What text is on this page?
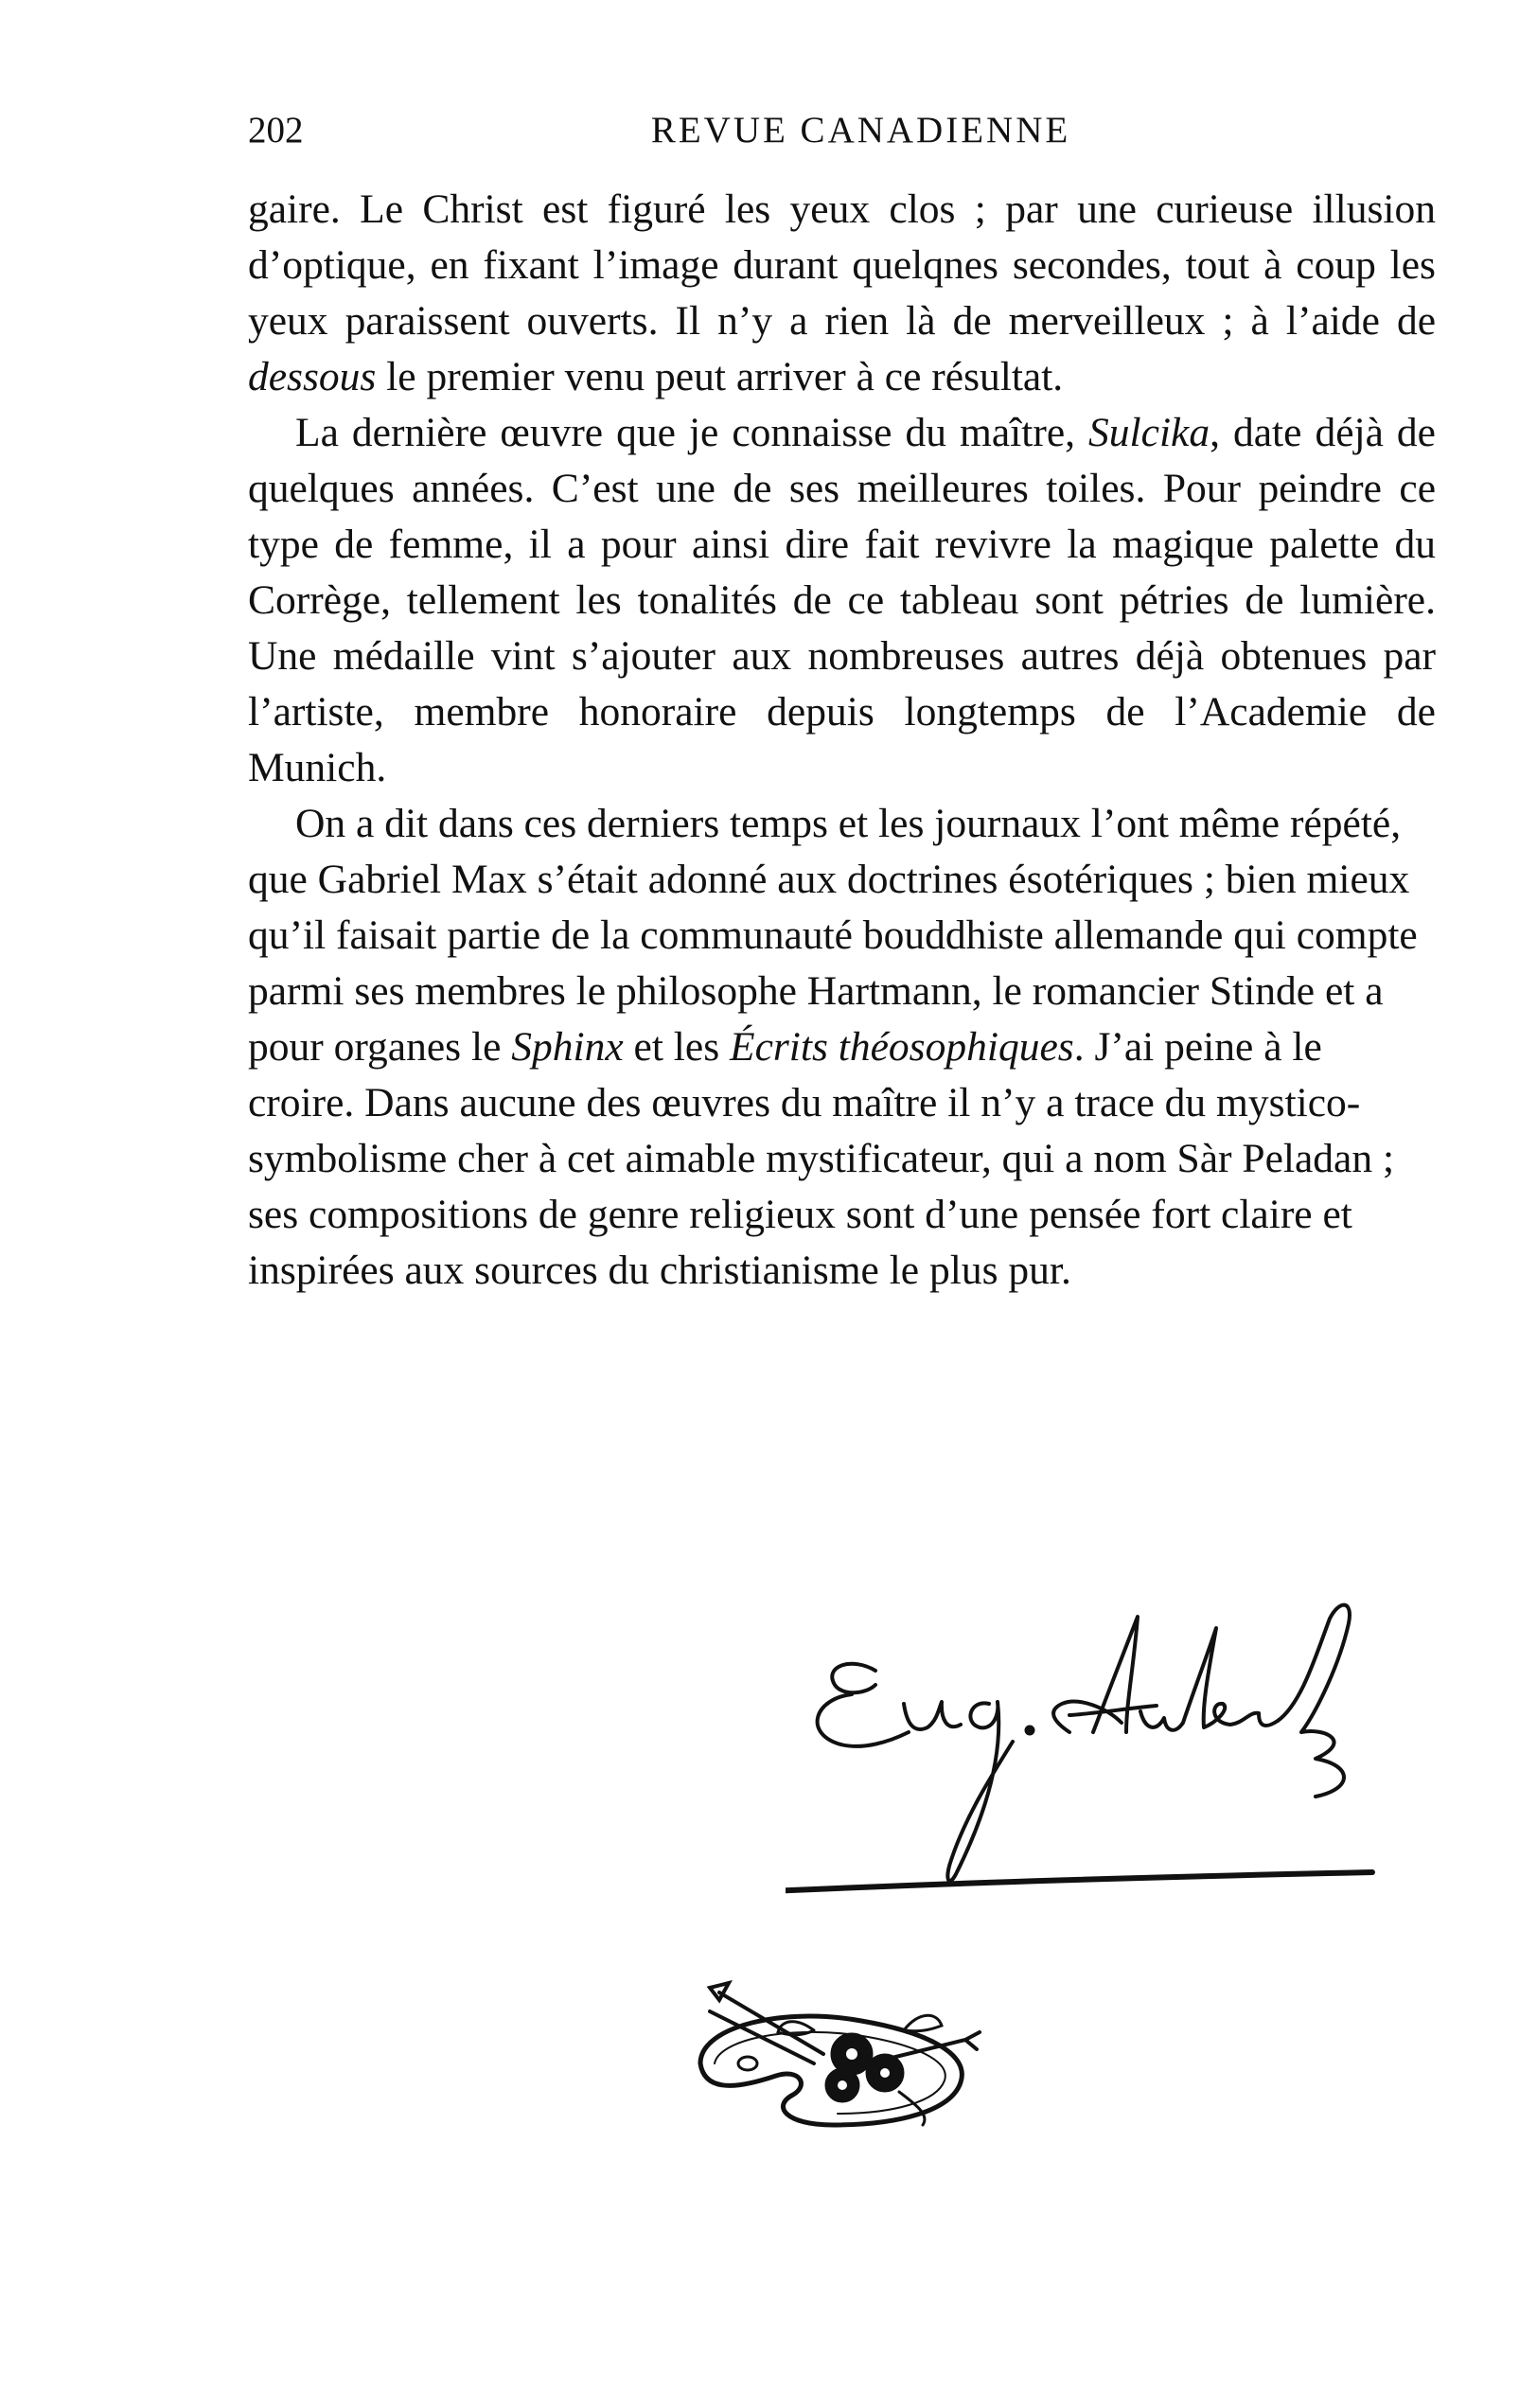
202	REVUE CANADIENNE

gaire. Le Christ est figuré les yeux clos ; par une curieuse illusion d’optique, en fixant l’image durant quelqnes secondes, tout à coup les yeux paraissent ouverts. Il n’y a rien là de merveilleux ; à l’aide de dessous le premier venu peut arriver à ce résultat.

La dernière œuvre que je connaisse du maître, Sulcika, date déjà de quelques années. C’est une de ses meilleures toiles. Pour peindre ce type de femme, il a pour ainsi dire fait revivre la magique palette du Corrège, tellement les tonalités de ce tableau sont pétries de lumière. Une médaille vint s’ajouter aux nombreuses autres déjà obtenues par l’artiste, membre honoraire depuis longtemps de l’Academie de Munich.

On a dit dans ces derniers temps et les journaux l’ont même répété, que Gabriel Max s’était adonné aux doctrines ésotériques ; bien mieux qu’il faisait partie de la communauté bouddhiste allemande qui compte parmi ses membres le philosophe Hartmann, le romancier Stinde et a pour organes le Sphinx et les Écrits théosophiques. J’ai peine à le croire. Dans aucune des œuvres du maître il n’y a trace du mystico-symbolisme cher à cet aimable mystificateur, qui a nom Sàr Peladan ; ses compositions de genre religieux sont d’une pensée fort claire et inspirées aux sources du christianisme le plus pur.
